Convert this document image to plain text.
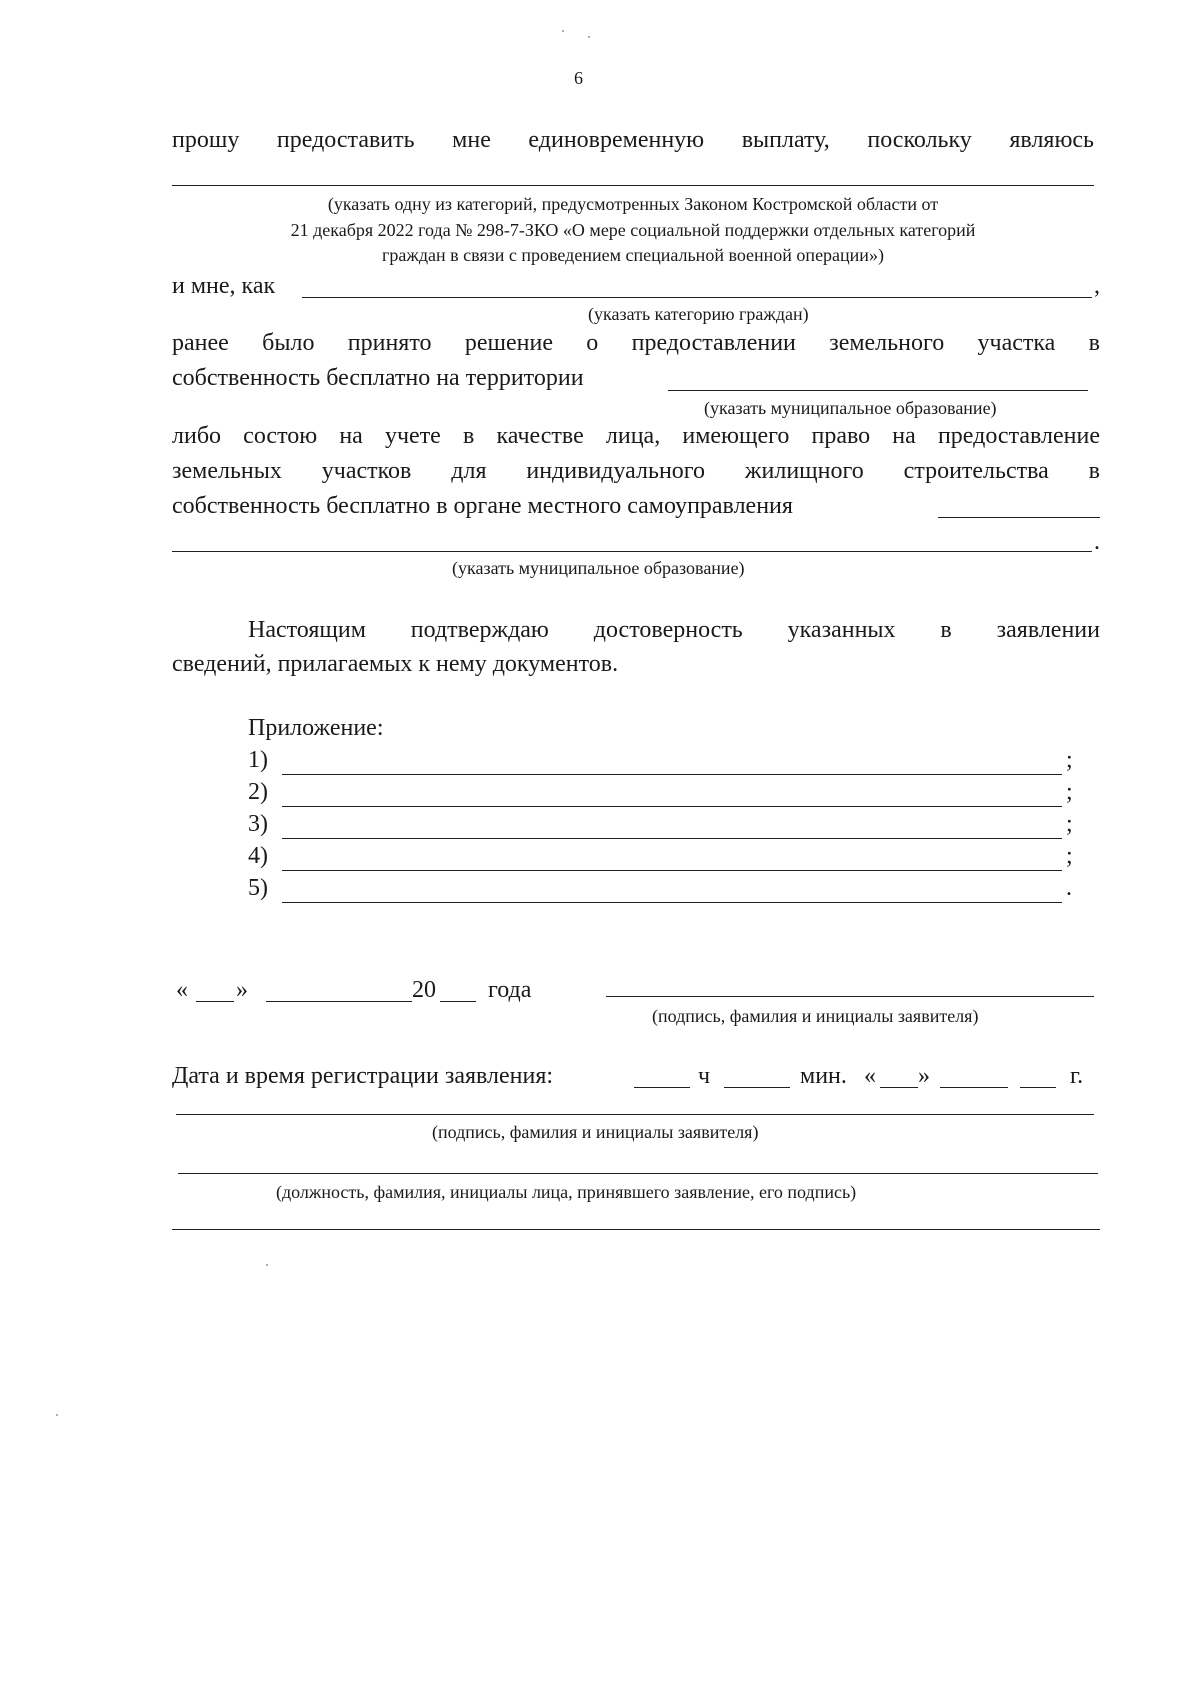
6
прошу предоставить мне единовременную выплату, поскольку являюсь
(указать одну из категорий, предусмотренных Законом Костромской области от
21 декабря 2022 года № 298-7-ЗКО «О мере социальной поддержки отдельных категорий
граждан в связи с проведением специальной военной операции»)
и мне, как	,
(указать категорию граждан)
ранее было принято решение о предоставлении земельного участка в
собственность бесплатно на территории
(указать муниципальное образование)
либо состою на учете в качестве лица, имеющего право на предоставление
земельных участков для индивидуального жилищного строительства в
собственность бесплатно в органе местного самоуправления
.
(указать муниципальное образование)
Настоящим подтверждаю достоверность указанных в заявлении
сведений, прилагаемых к нему документов.
Приложение:
1)	;
2)	;
3)	;
4)	;
5)	.
« »	20 года
(подпись, фамилия и инициалы заявителя)
Дата и время регистрации заявления:	ч	мин. « »	г.
(подпись, фамилия и инициалы заявителя)
(должность, фамилия, инициалы лица, принявшего заявление, его подпись)
